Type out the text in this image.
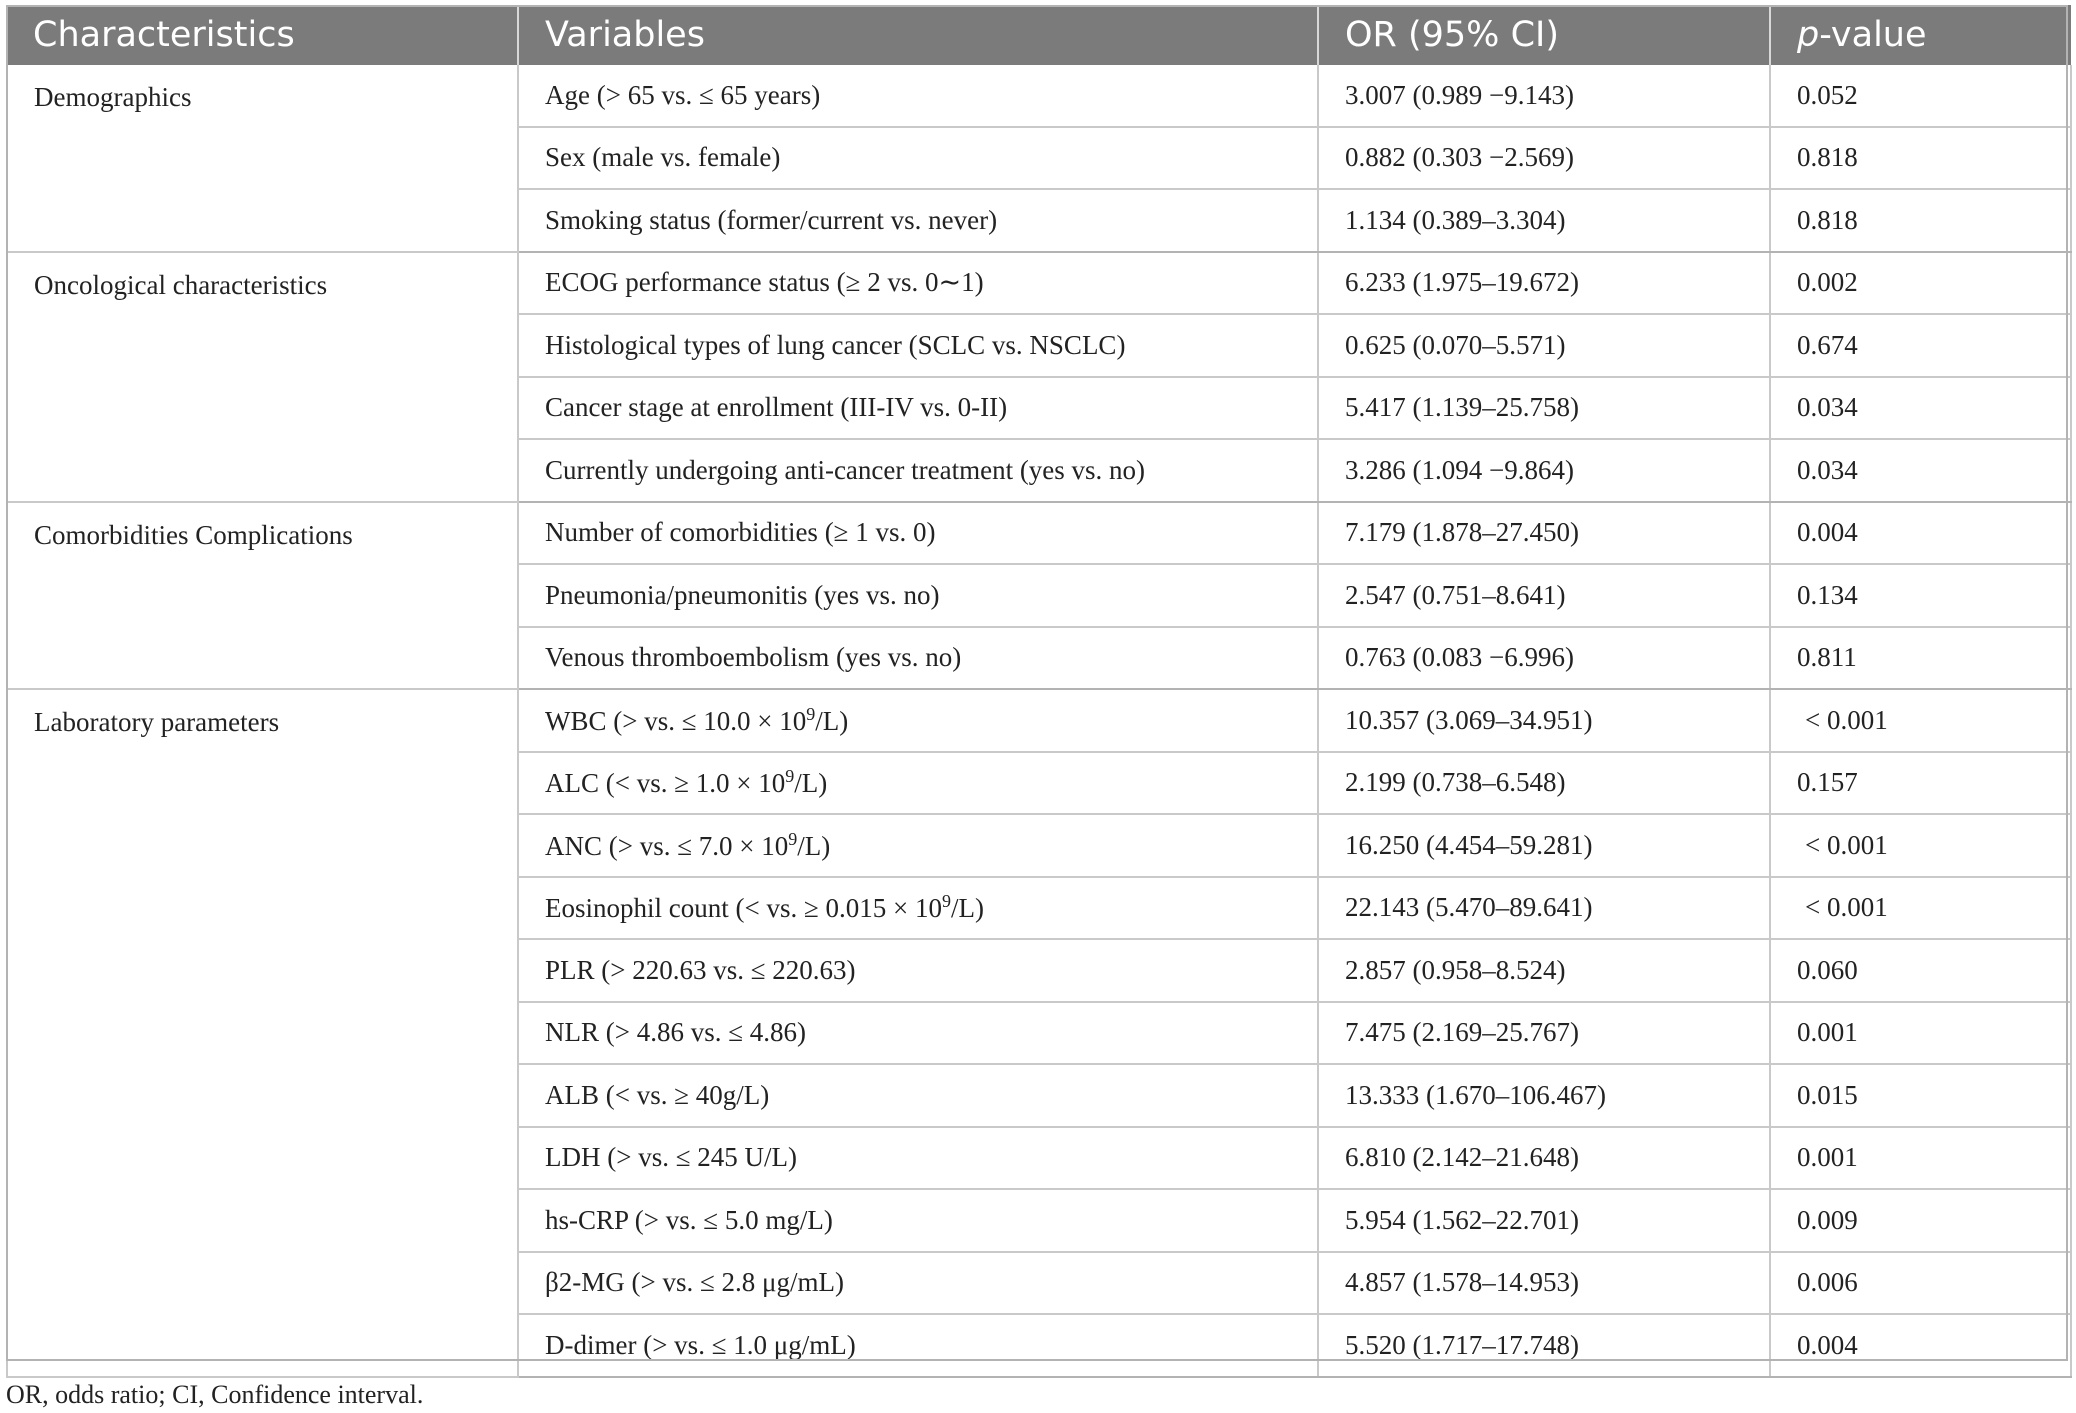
Characteristics	Variables	OR (95% CI)	p-value
Demographics	Age (> 65 vs. ≤ 65 years)	3.007 (0.989 −9.143)	0.052
	Sex (male vs. female)	0.882 (0.303 −2.569)	0.818
	Smoking status (former/current vs. never)	1.134 (0.389–3.304)	0.818
Oncological characteristics	ECOG performance status (≥ 2 vs. 0∼1)	6.233 (1.975–19.672)	0.002
	Histological types of lung cancer (SCLC vs. NSCLC)	0.625 (0.070–5.571)	0.674
	Cancer stage at enrollment (III-IV vs. 0-II)	5.417 (1.139–25.758)	0.034
	Currently undergoing anti-cancer treatment (yes vs. no)	3.286 (1.094 −9.864)	0.034
Comorbidities Complications	Number of comorbidities (≥ 1 vs. 0)	7.179 (1.878–27.450)	0.004
	Pneumonia/pneumonitis (yes vs. no)	2.547 (0.751–8.641)	0.134
	Venous thromboembolism (yes vs. no)	0.763 (0.083 −6.996)	0.811
Laboratory parameters	WBC (> vs. ≤ $10.0 \times 10^9/L$)	10.357 (3.069–34.951)	< 0.001
	ALC (< vs. ≥ $1.0 \times 10^9/L$)	2.199 (0.738–6.548)	0.157
	ANC (> vs. ≤ $7.0 \times 10^9/L$)	16.250 (4.454–59.281)	< 0.001
	Eosinophil count (< vs. ≥ $0.015 \times 10^9/L$)	22.143 (5.470–89.641)	< 0.001
	PLR (> 220.63 vs. ≤ 220.63)	2.857 (0.958–8.524)	0.060
	NLR (> 4.86 vs. ≤ 4.86)	7.475 (2.169–25.767)	0.001
	ALB (< vs. ≥ 40g/L)	13.333 (1.670–106.467)	0.015
	LDH (> vs. ≤ 245 U/L)	6.810 (2.142–21.648)	0.001
	hs-CRP (> vs. ≤ 5.0 mg/L)	5.954 (1.562–22.701)	0.009
	β2-MG (> vs. ≤ 2.8 μg/mL)	4.857 (1.578–14.953)	0.006
	D-dimer (> vs. ≤ 1.0 μg/mL)	5.520 (1.717–17.748)	0.004
OR, odds ratio; CI, Confidence interval.
